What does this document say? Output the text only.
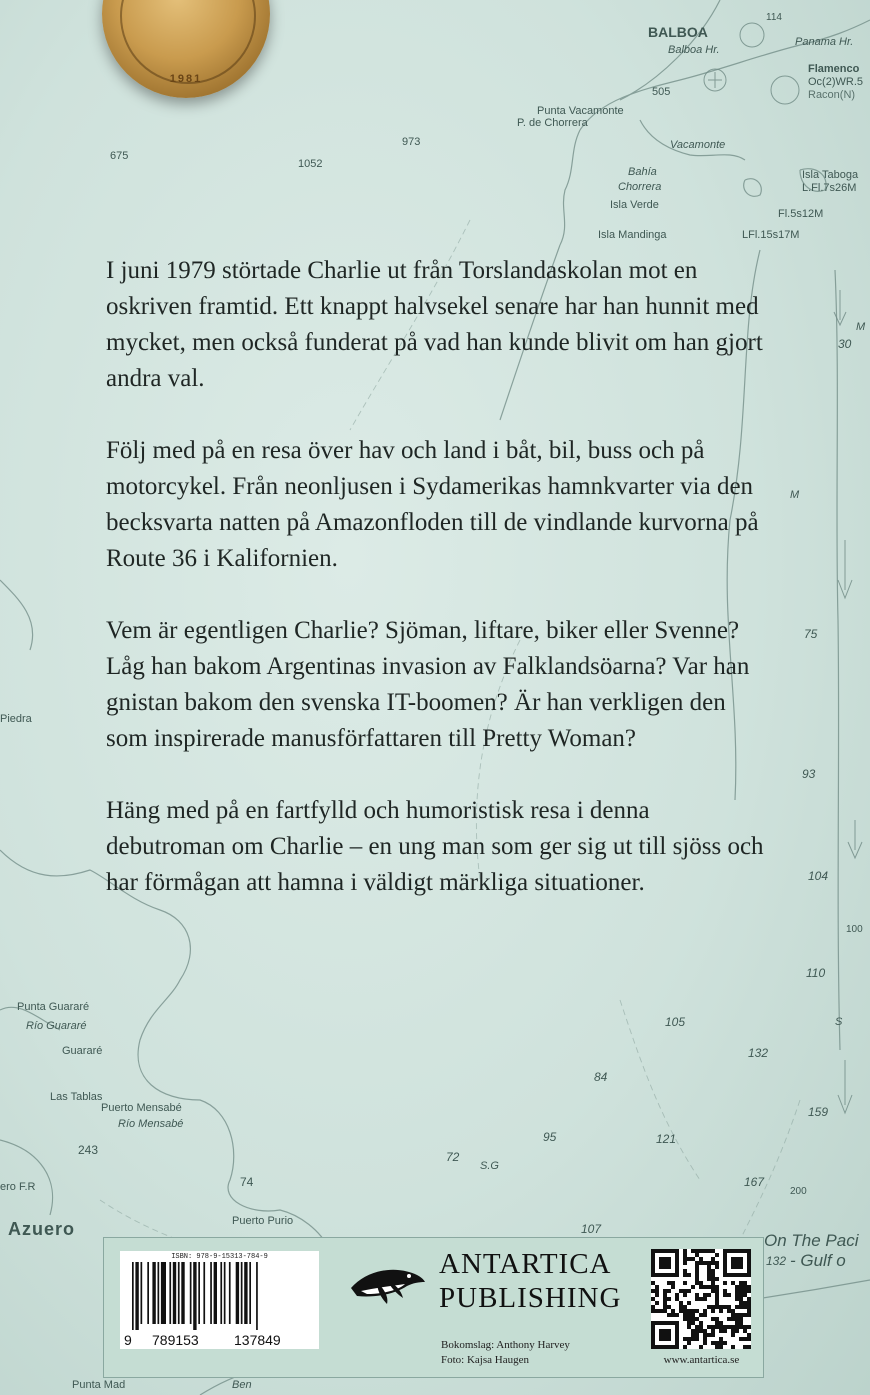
BALBOA
Balboa Hr.
Panama Hr.
Flamenco
Oc(2)WR.5
Racon(N)
114
505
Punta Vacamonte
P. de Chorrera
Vacamonte
Bahía
Chorrera
Isla Verde
Isla Mandinga
Isla Taboga
L.Fl.7s26M
Fl.5s12M
LFl.15s17M
675
1052
973
M
30
M
75
93
Piedra
104
100
110
105	S
132
84
159
95	121
72
S.G
167
200
107
132
Punta Guararé
Río Guararé
Guararé
Las Tablas
Puerto Mensabé
Río Mensabé
243
ero F.R	74
Azuero	Puerto Purio
On The Paci
- Gulf o
Punta Mad	Ben
1981

I juni 1979 störtade Charlie ut från Torslandaskolan mot en oskriven framtid. Ett knappt halvsekel senare har han hunnit med mycket, men också funderat på vad han kunde blivit om han gjort andra val.

Följ med på en resa över hav och land i båt, bil, buss och på motorcykel. Från neonljusen i Sydamerikas hamnkvarter via den becksvarta natten på Amazonfloden till de vindlande kurvorna på Route 36 i Kalifornien.

Vem är egentligen Charlie? Sjöman, liftare, biker eller Svenne? Låg han bakom Argentinas invasion av Falklandsöarna? Var han gnistan bakom den svenska IT-boomen? Är han verkligen den som inspirerade manusförfattaren till Pretty Woman?

Häng med på en fartfylld och humoristisk resa i denna debutroman om Charlie – en ung man som ger sig ut till sjöss och har förmågan att hamna i väldigt märkliga situationer.

ISBN: 978-9-15313-784-9
9 789153	137849
ANTARTICA
PUBLISHING
Bokomslag: Anthony Harvey
Foto: Kajsa Haugen	www.antartica.se
